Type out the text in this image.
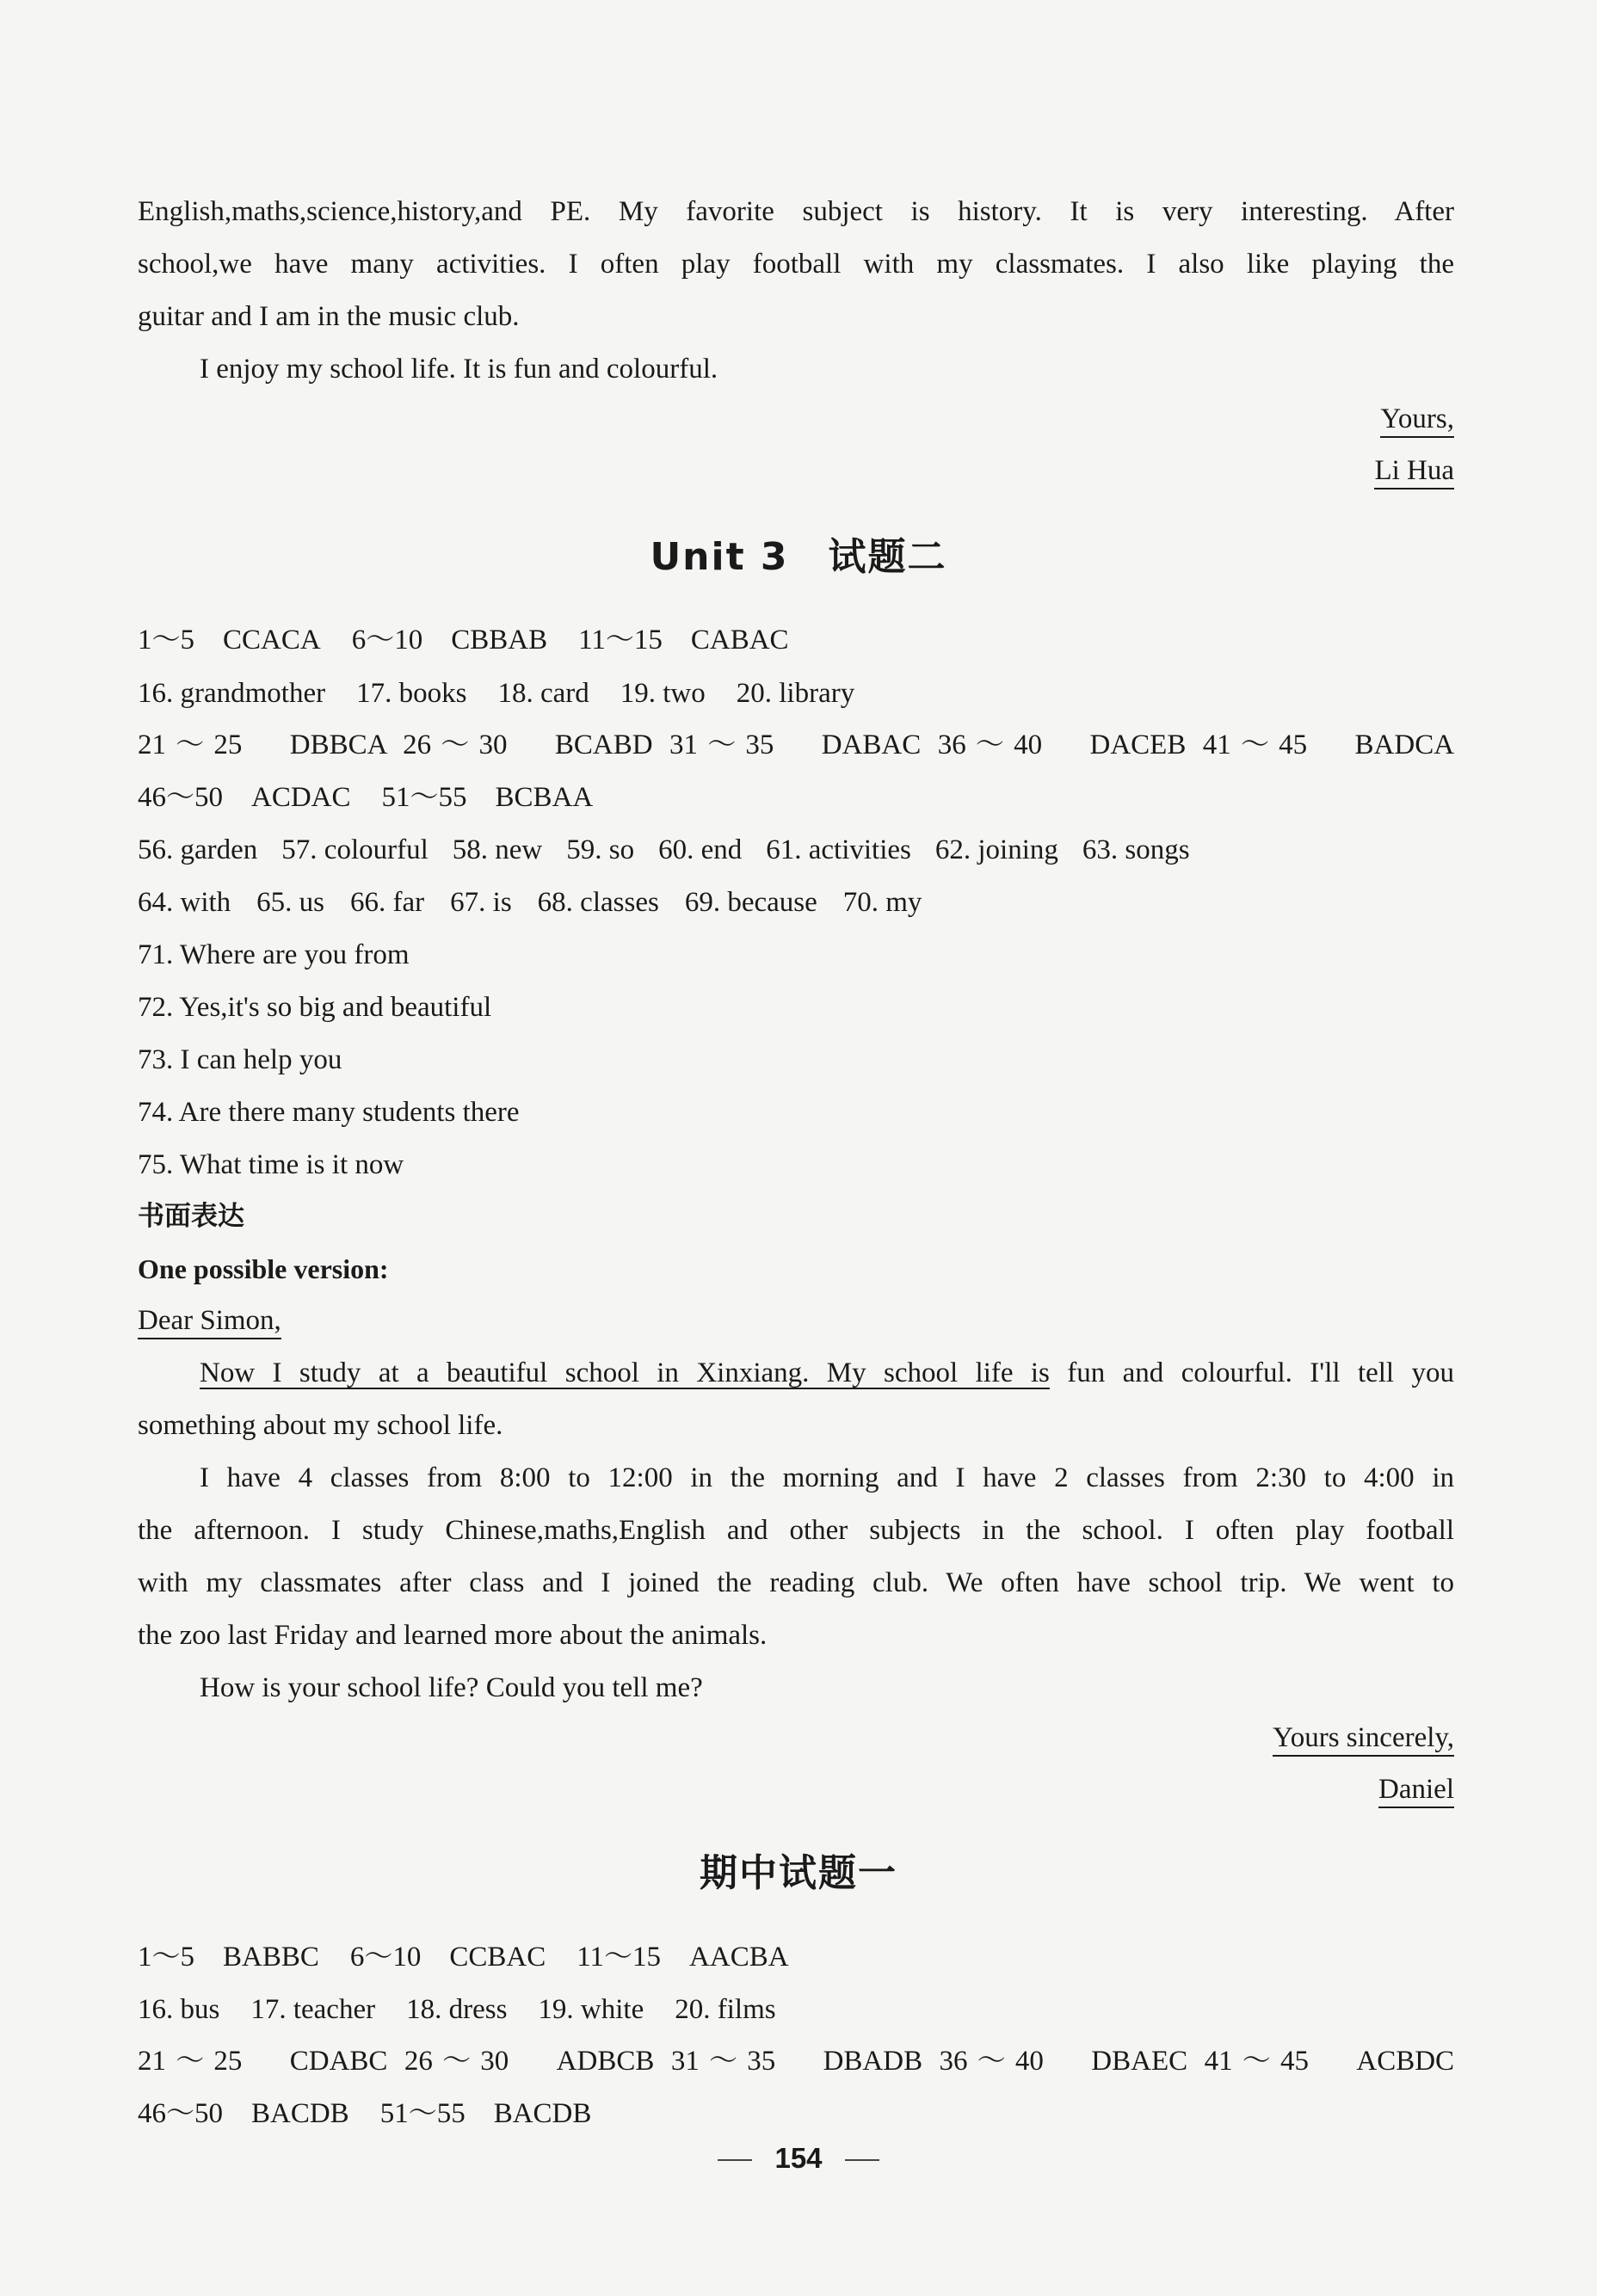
English,maths,science,history,and PE. My favorite subject is history. It is very interesting. After
school,we have many activities. I often play football with my classmates. I also like playing the
guitar and I am in the music club.
I enjoy my school life. It is fun and colourful.
Yours,
Li Hua
Unit 3　试题二
1～5　CCACA 6～10　CBBAB 11～15　CABAC
16. grandmother 17. books 18. card 19. two 20. library
21～25　DBBCA 26～30　BCABD 31～35　DABAC 36～40　DACEB 41～45　BADCA
46～50　ACDAC 51～55　BCBAA
56. garden 57. colourful 58. new 59. so 60. end 61. activities 62. joining 63. songs
64. with 65. us 66. far 67. is 68. classes 69. because 70. my
71. Where are you from
72. Yes,it's so big and beautiful
73. I can help you
74. Are there many students there
75. What time is it now
书面表达
One possible version:
Dear Simon,
Now I study at a beautiful school in Xinxiang. My school life is fun and colourful. I'll tell you
something about my school life.
I have 4 classes from 8:00 to 12:00 in the morning and I have 2 classes from 2:30 to 4:00 in
the afternoon. I study Chinese,maths,English and other subjects in the school. I often play football
with my classmates after class and I joined the reading club. We often have school trip. We went to
the zoo last Friday and learned more about the animals.
How is your school life? Could you tell me?
Yours sincerely,
Daniel
期中试题一
1～5　BABBC 6～10　CCBAC 11～15　AACBA
16. bus 17. teacher 18. dress 19. white 20. films
21～25　CDABC 26～30　ADBCB 31～35　DBADB 36～40　DBAEC 41～45　ACBDC
46～50　BACDB 51～55　BACDB
154
